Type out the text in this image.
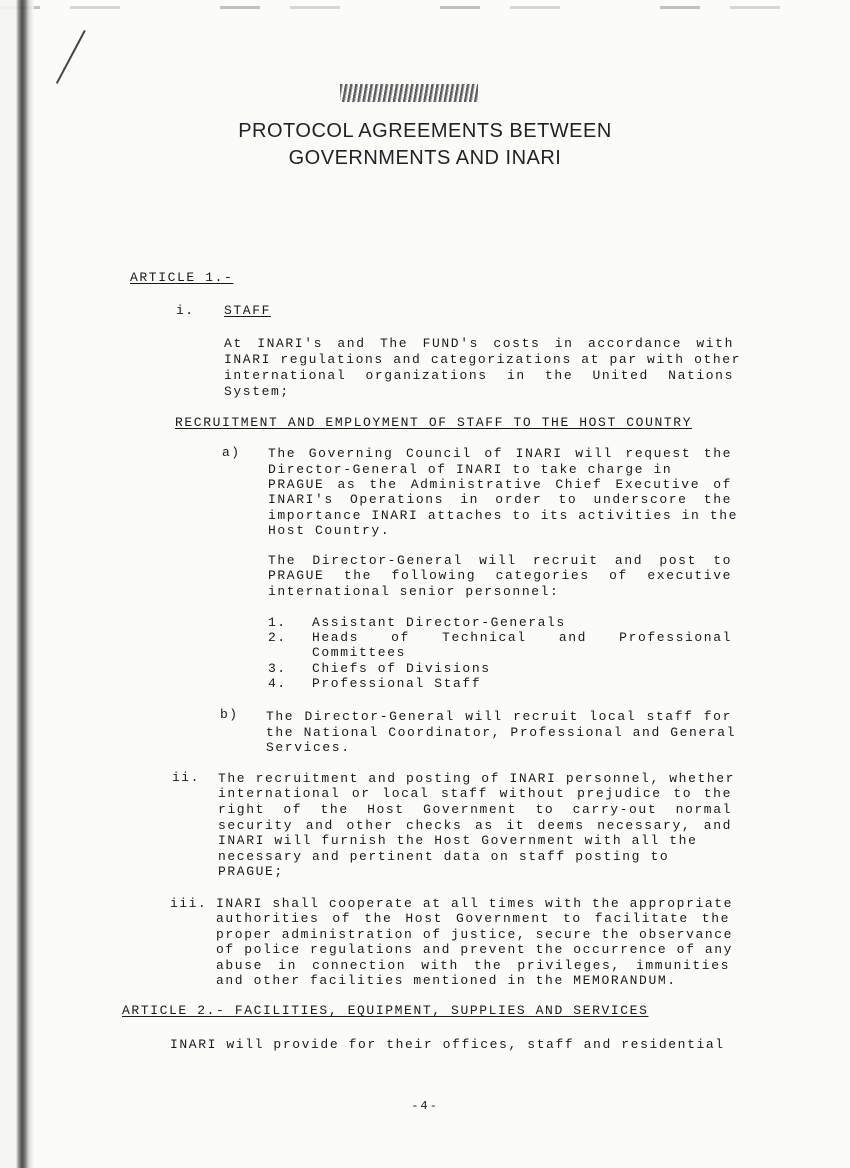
PROTOCOL AGREEMENTS BETWEEN
GOVERNMENTS AND INARI
ARTICLE 1.-
i. STAFF
At INARI's and The FUND's costs in accordance with
INARI regulations and categorizations at par with other
international organizations in the United Nations
System;
RECRUITMENT AND EMPLOYMENT OF STAFF TO THE HOST COUNTRY
a) The Governing Council of INARI will request the
Director-General of INARI to take charge in
PRAGUE as the Administrative Chief Executive of
INARI's Operations in order to underscore the
importance INARI attaches to its activities in the
Host Country.
The Director-General will recruit and post to
PRAGUE the following categories of executive
international senior personnel:
1. Assistant Director-Generals
2. Heads of Technical and Professional
Committees
3. Chiefs of Divisions
4. Professional Staff
b) The Director-General will recruit local staff for
the National Coordinator, Professional and General
Services.
ii. The recruitment and posting of INARI personnel, whether
international or local staff without prejudice to the
right of the Host Government to carry-out normal
security and other checks as it deems necessary, and
INARI will furnish the Host Government with all the
necessary and pertinent data on staff posting to
PRAGUE;
iii. INARI shall cooperate at all times with the appropriate
authorities of the Host Government to facilitate the
proper administration of justice, secure the observance
of police regulations and prevent the occurrence of any
abuse in connection with the privileges, immunities
and other facilities mentioned in the MEMORANDUM.
ARTICLE 2.- FACILITIES, EQUIPMENT, SUPPLIES AND SERVICES
INARI will provide for their offices, staff and residential
-4-
